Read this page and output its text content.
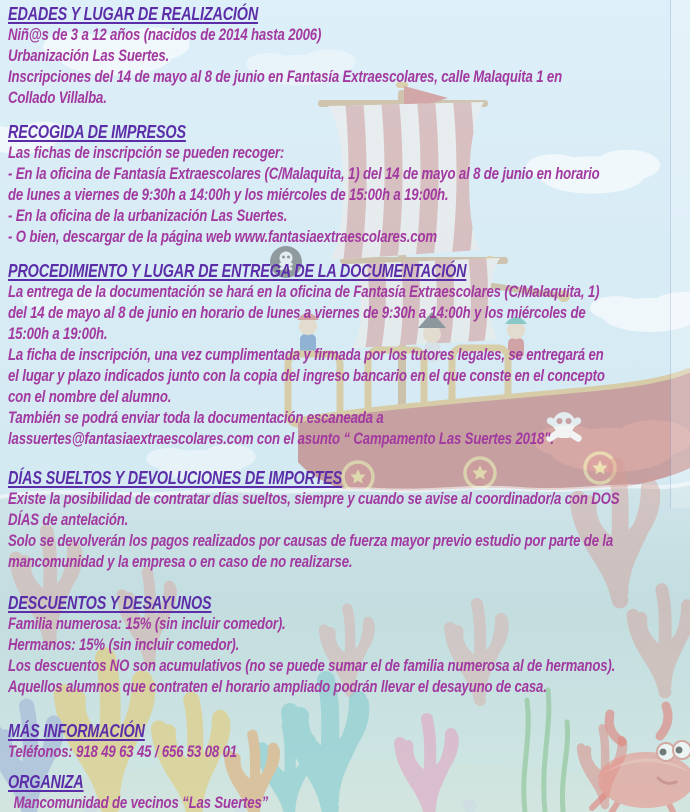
EDADES Y LUGAR DE REALIZACIÓN

Niñ@s de 3 a 12 años (nacidos de 2014 hasta 2006)

Urbanización Las Suertes.

Inscripciones del 14 de mayo al 8 de junio en Fantasía Extraescolares, calle Malaquita 1 en

Collado Villalba.

RECOGIDA DE IMPRESOS

Las fichas de inscripción se pueden recoger:

- En la oficina de Fantasía Extraescolares (C/Malaquita, 1) del 14 de mayo al 8 de junio en horario

de lunes a viernes de 9:30h a 14:00h y los miércoles de 15:00h a 19:00h.

- En la oficina de la urbanización Las Suertes.

- O bien, descargar de la página web www.fantasiaextraescolares.com

PROCEDIMIENTO Y LUGAR DE ENTREGA DE LA DOCUMENTACIÓN

La entrega de la documentación se hará en la oficina de Fantasía Extraescolares (C/Malaquita, 1)

del 14 de mayo al 8 de junio en horario de lunes a viernes de 9:30h a 14:00h y los miércoles de

15:00h a 19:00h.

La ficha de inscripción, una vez cumplimentada y firmada por los tutores legales, se entregará en

el lugar y plazo indicados junto con la copia del ingreso bancario en el que conste en el concepto

con el nombre del alumno.

También se podrá enviar toda la documentación escaneada a

lassuertes@fantasiaextraescolares.com con el asunto “ Campamento Las Suertes 2018".

DÍAS SUELTOS Y DEVOLUCIONES DE IMPORTES

Existe la posibilidad de contratar días sueltos, siempre y cuando se avise al coordinador/a con DOS

DÍAS de antelación.

Solo se devolverán los pagos realizados por causas de fuerza mayor previo estudio por parte de la

mancomunidad y la empresa o en caso de no realizarse.

DESCUENTOS Y DESAYUNOS

Familia numerosa: 15% (sin incluir comedor).

Hermanos: 15% (sin incluir comedor).

Los descuentos NO son acumulativos (no se puede sumar el de familia numerosa al de hermanos).

Aquellos alumnos que contraten el horario ampliado podrán llevar el desayuno de casa.

MÁS INFORMACIÓN

Teléfonos: 918 49 63 45 / 656 53 08 01

ORGANIZA

Mancomunidad de vecinos “Las Suertes”
